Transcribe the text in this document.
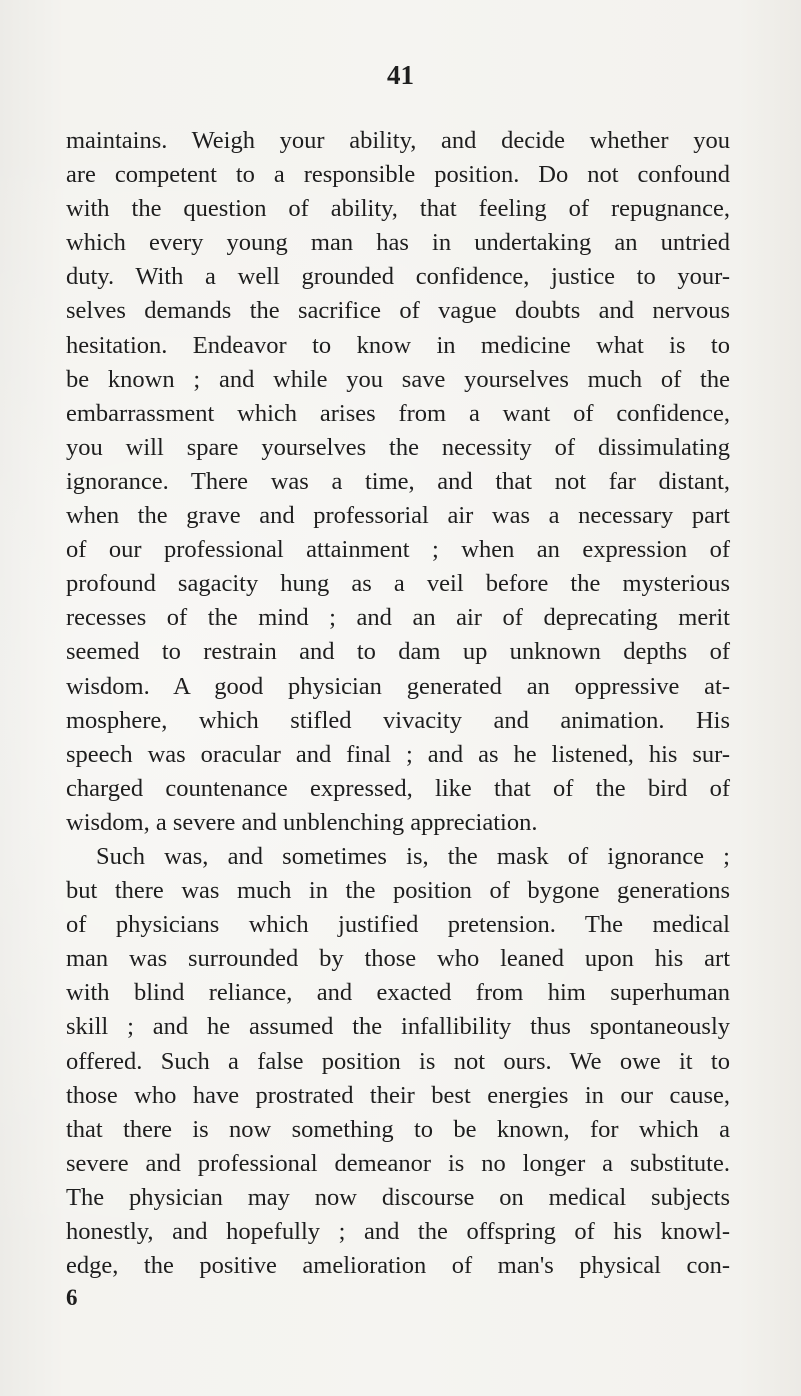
41
maintains. Weigh your ability, and decide whether you
are competent to a responsible position. Do not confound
with the question of ability, that feeling of repugnance,
which every young man has in undertaking an untried
duty. With a well grounded confidence, justice to your-
selves demands the sacrifice of vague doubts and nervous
hesitation. Endeavor to know in medicine what is to
be known ; and while you save yourselves much of the
embarrassment which arises from a want of confidence,
you will spare yourselves the necessity of dissimulating
ignorance. There was a time, and that not far distant,
when the grave and professorial air was a necessary part
of our professional attainment ; when an expression of
profound sagacity hung as a veil before the mysterious
recesses of the mind ; and an air of deprecating merit
seemed to restrain and to dam up unknown depths of
wisdom. A good physician generated an oppressive at-
mosphere, which stifled vivacity and animation. His
speech was oracular and final ; and as he listened, his sur-
charged countenance expressed, like that of the bird of
wisdom, a severe and unblenching appreciation.
Such was, and sometimes is, the mask of ignorance ;
but there was much in the position of bygone generations
of physicians which justified pretension. The medical
man was surrounded by those who leaned upon his art
with blind reliance, and exacted from him superhuman
skill ; and he assumed the infallibility thus spontaneously
offered. Such a false position is not ours. We owe it to
those who have prostrated their best energies in our cause,
that there is now something to be known, for which a
severe and professional demeanor is no longer a substitute.
The physician may now discourse on medical subjects
honestly, and hopefully ; and the offspring of his knowl-
edge, the positive amelioration of man's physical con-
6
